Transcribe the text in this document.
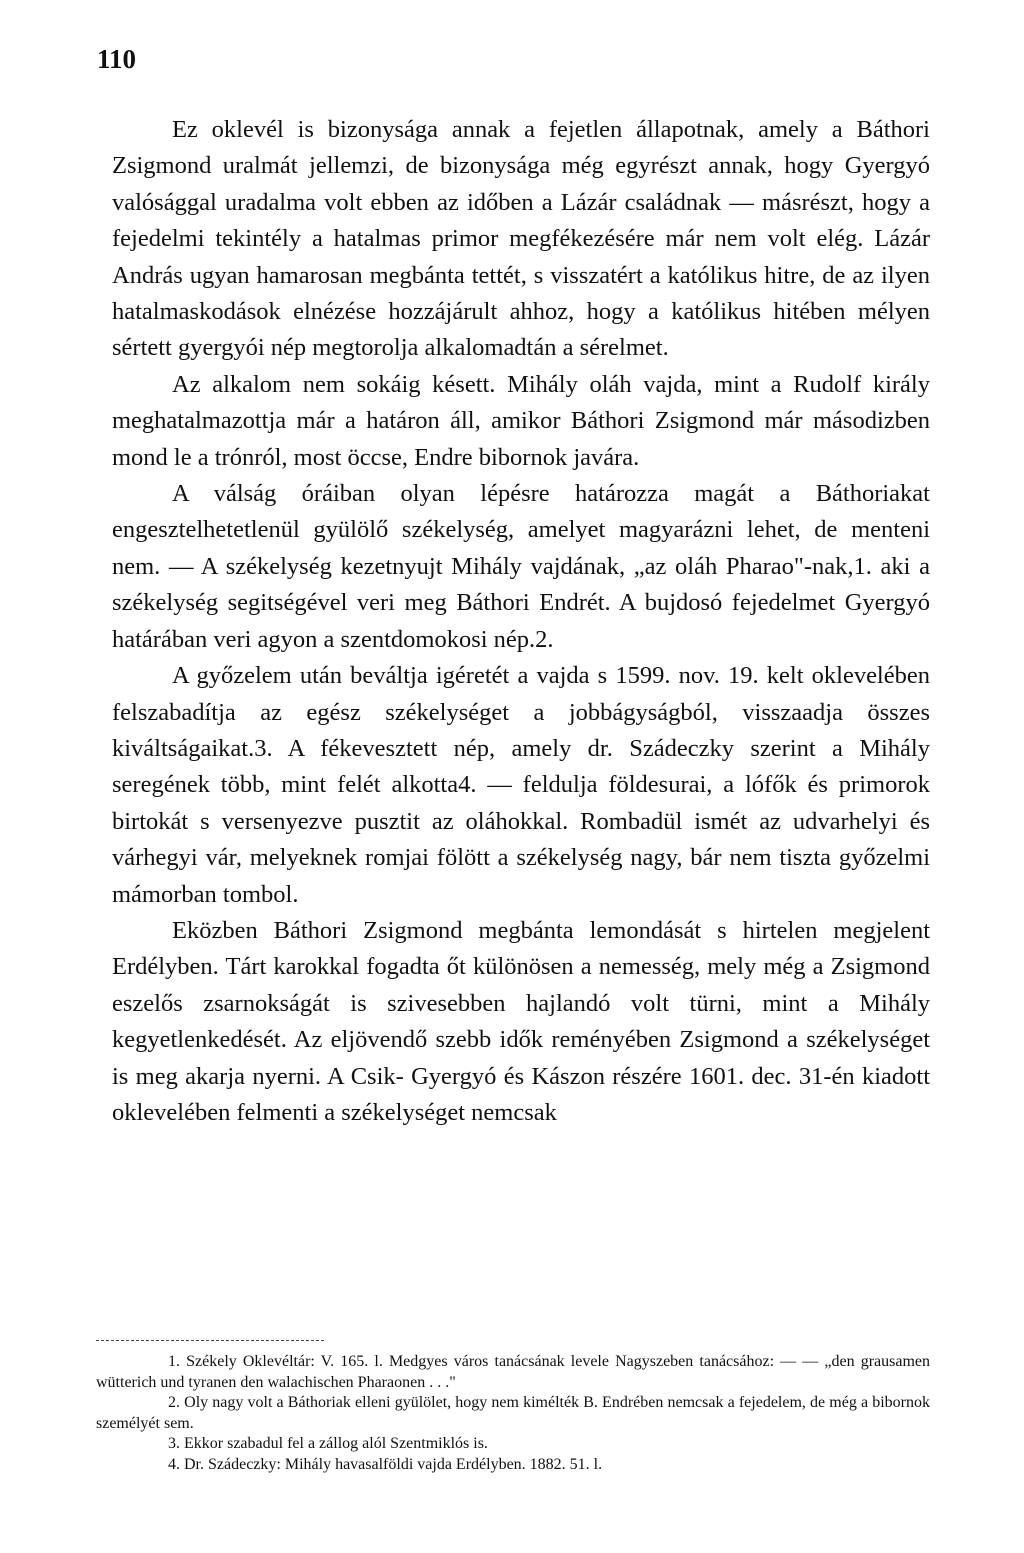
110

Ez oklevél is bizonysága annak a fejetlen állapotnak, amely a Báthori Zsigmond uralmát jellemzi, de bizonysága még egyrészt annak, hogy Gyergyó valósággal uradalma volt ebben az időben a Lázár családnak — másrészt, hogy a fejedelmi tekintély a hatalmas primor megfékezésére már nem volt elég. Lázár András ugyan hamarosan megbánta tettét, s visszatért a katólikus hitre, de az ilyen hatalmaskodások elnézése hozzájárult ahhoz, hogy a katólikus hitében mélyen sértett gyergyói nép megtorolja alkalomadtán a sérelmet.

Az alkalom nem sokáig késett. Mihály oláh vajda, mint a Rudolf király meghatalmazottja már a határon áll, amikor Báthori Zsigmond már másodizben mond le a trónról, most öccse, Endre bibornok javára.

A válság óráiban olyan lépésre határozza magát a Báthoriakat engesztelhetetlenül gyülölő székelység, amelyet magyarázni lehet, de menteni nem. — A székelység kezetnyujt Mihály vajdának, „az oláh Pharao"-nak,1. aki a székelység segitségével veri meg Báthori Endrét. A bujdosó fejedelmet Gyergyó határában veri agyon a szentdomokosi nép.2.

A győzelem után beváltja igéretét a vajda s 1599. nov. 19. kelt oklevelében felszabadítja az egész székelységet a jobbágyságból, visszaadja összes kiváltságaikat.3. A fékevesztett nép, amely dr. Szádeczky szerint a Mihály seregének több, mint felét alkotta4. — feldulja földesurai, a lófők és primorok birtokát s versenyezve pusztit az oláhokkal. Rombadül ismét az udvarhelyi és várhegyi vár, melyeknek romjai fölött a székelység nagy, bár nem tiszta győzelmi mámorban tombol.

Eközben Báthori Zsigmond megbánta lemondását s hirtelen megjelent Erdélyben. Tárt karokkal fogadta őt különösen a nemesség, mely még a Zsigmond eszelős zsarnokságát is szivesebben hajlandó volt türni, mint a Mihály kegyetlenkedését. Az eljövendő szebb idők reményében Zsigmond a székelységet is meg akarja nyerni. A Csik- Gyergyó és Kászon részére 1601. dec. 31-én kiadott oklevelében felmenti a székelységet nemcsak

1. Székely Oklevéltár: V. 165. l. Medgyes város tanácsának levele Nagyszeben tanácsához: — — „den grausamen wütterich und tyranen den walachischen Pharaonen . . ."

2. Oly nagy volt a Báthoriak elleni gyülölet, hogy nem kimélték B. Endrében nemcsak a fejedelem, de még a bibornok személyét sem.

3. Ekkor szabadul fel a zállog alól Szentmiklós is.

4. Dr. Szádeczky: Mihály havasalföldi vajda Erdélyben. 1882. 51. l.
